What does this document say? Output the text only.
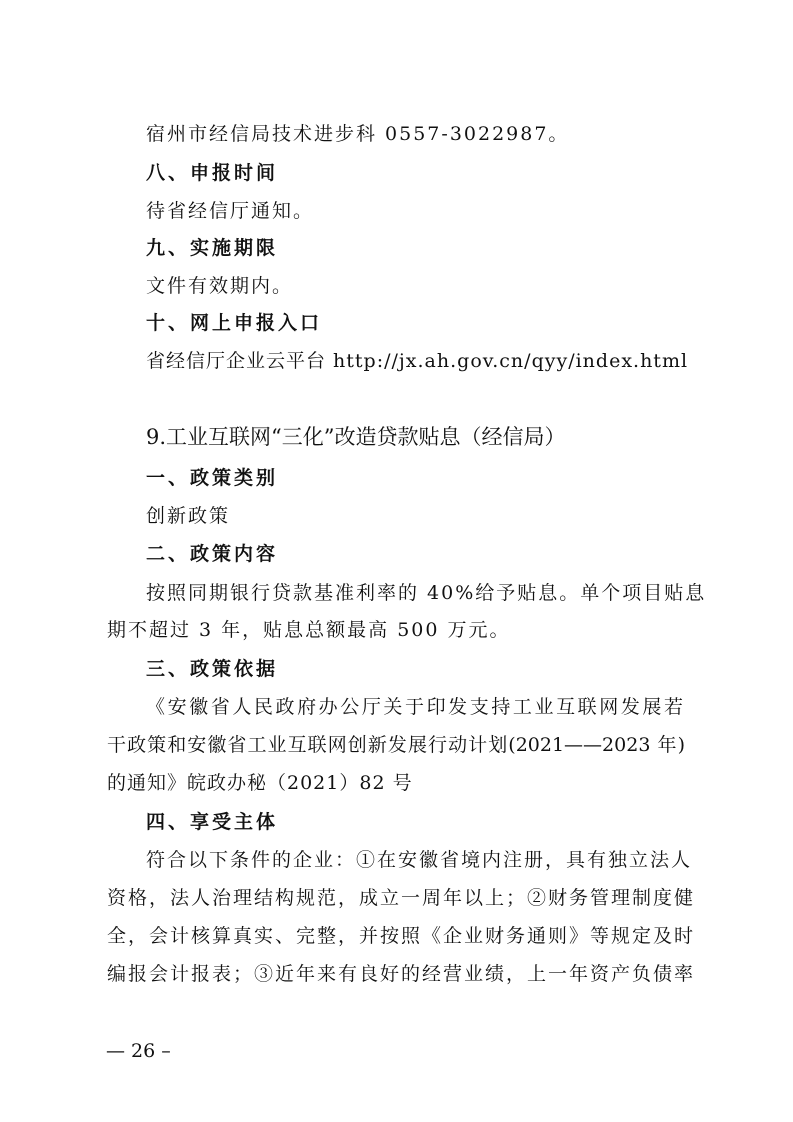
宿州市经信局技术进步科 0557-3022987。
八、申报时间
待省经信厅通知。
九、实施期限
文件有效期内。
十、网上申报入口
省经信厅企业云平台 http://jx.ah.gov.cn/qyy/index.html
9.工业互联网“三化”改造贷款贴息（经信局）
一、政策类别
创新政策
二、政策内容
按照同期银行贷款基准利率的 40%给予贴息。单个项目贴息
期不超过 3 年，贴息总额最高 500 万元。
三、政策依据
《安徽省人民政府办公厅关于印发支持工业互联网发展若
干政策和安徽省工业互联网创新发展行动计划(2021——2023 年)
的通知》皖政办秘（2021）82 号
四、享受主体
符合以下条件的企业：①在安徽省境内注册，具有独立法人
资格，法人治理结构规范，成立一周年以上；②财务管理制度健
全，会计核算真实、完整，并按照《企业财务通则》等规定及时
编报会计报表；③近年来有良好的经营业绩，上一年资产负债率
— 26 –
